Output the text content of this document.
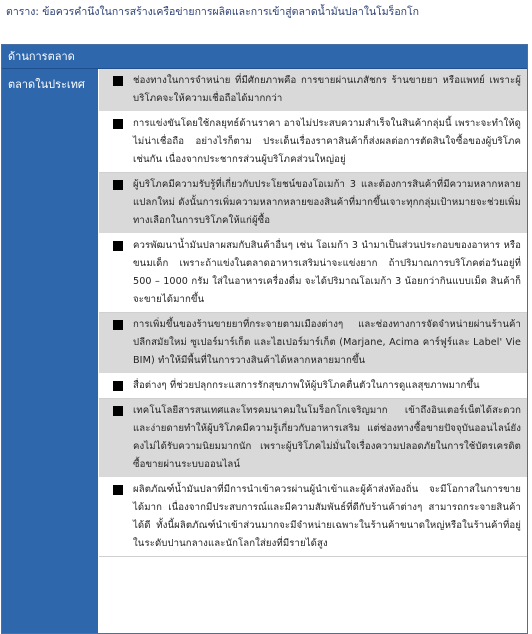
ตาราง: ข้อควรคำนึงในการสร้างเครือข่ายการผลิตและการเข้าสู่ตลาดน้ำมันปลาในโมร็อกโก
ด้านการตลาด
ตลาดในประเทศ	ช่องทางในการจำหน่าย ที่มีศักยภาพคือ การขายผ่านเภสัชกร ร้านขายยา หรือแพทย์ เพราะผู้บริโภคจะให้ความเชื่อถือได้มากกว่า
การแข่งขันโดยใช้กลยุทธ์ด้านราคา อาจไม่ประสบความสำเร็จในสินค้ากลุ่มนี้ เพราะจะทำให้ดูไม่น่าเชื่อถือ อย่างไรก็ตาม ประเด็นเรื่องราคาสินค้าก็ส่งผลต่อการตัดสินใจซื้อของผู้บริโภคเช่นกัน เนื่องจากประชากรส่วนผู้บริโภคส่วนใหญ่อยู่
ผู้บริโภคมีความรับรู้ที่เกี่ยวกับประโยชน์ของโอเมก้า 3 และต้องการสินค้าที่มีความหลากหลายแปลกใหม่ ดังนั้นการเพิ่มความหลากหลายของสินค้าที่มากขึ้นเจาะทุกกลุ่มเป้าหมายจะช่วยเพิ่มทางเลือกในการบริโภคให้แก่ผู้ซื้อ
ควรพัฒนาน้ำมันปลาผสมกับสินค้าอื่นๆ เช่น โอเมก้า 3 นำมาเป็นส่วนประกอบของอาหาร หรือ ขนมเด็ก เพราะถ้าแข่งในตลาดอาหารเสริมน่าจะแข่งยาก ถ้าปริมาณการบริโภคต่อวันอยู่ที่ 500 – 1000 กรัม ใส่ในอาหารเครื่องดื่ม จะได้ปริมาณโอเมก้า 3 น้อยกว่ากินแบบเม็ด สินค้าก็จะขายได้มากขึ้น
การเพิ่มขึ้นของร้านขายยาที่กระจายตามเมืองต่างๆ และช่องทางการจัดจำหน่ายผ่านร้านค้าปลีกสมัยใหม่ ซูเปอร์มาร์เก็ต และไฮเปอร์มาร์เก็ต (Marjane, Acima คาร์ฟูร์และ Label' Vie BIM) ทำให้มีพื้นที่ในการวางสินค้าได้หลากหลายมากขึ้น
สื่อต่างๆ ที่ช่วยปลุกกระแสการรักสุขภาพให้ผู้บริโภคตื่นตัวในการดูแลสุขภาพมากขึ้น
เทคโนโลยีสารสนเทศและโทรคมนาคมในโมร็อกโกเจริญมาก เข้าถึงอินเตอร์เน็ตได้สะดวกและง่ายดายทำให้ผู้บริโภคมีความรู้เกี่ยวกับอาหารเสริม แต่ช่องทางซื้อขายปัจจุบันออนไลน์ยังคงไม่ได้รับความนิยมมากนัก เพราะผู้บริโภคไม่มั่นใจเรื่องความปลอดภัยในการใช้บัตรเครดิตซื้อขายผ่านระบบออนไลน์
ผลิตภัณฑ์น้ำมันปลาที่มีการนำเข้าควรผ่านผู้นำเข้าและผู้ค้าส่งท้องถิ่น จะมีโอกาสในการขายได้มาก เนื่องจากมีประสบการณ์และมีความสัมพันธ์ที่ดีกับร้านค้าต่างๆ สามารถกระจายสินค้าได้ดี ทั้งนี้ผลิตภัณฑ์นำเข้าส่วนมากจะมีจำหน่ายเฉพาะในร้านค้าขนาดใหญ่หรือในร้านค้าที่อยู่ในระดับปานกลางและนักโลกใส่ยงที่มีรายได้สูง
